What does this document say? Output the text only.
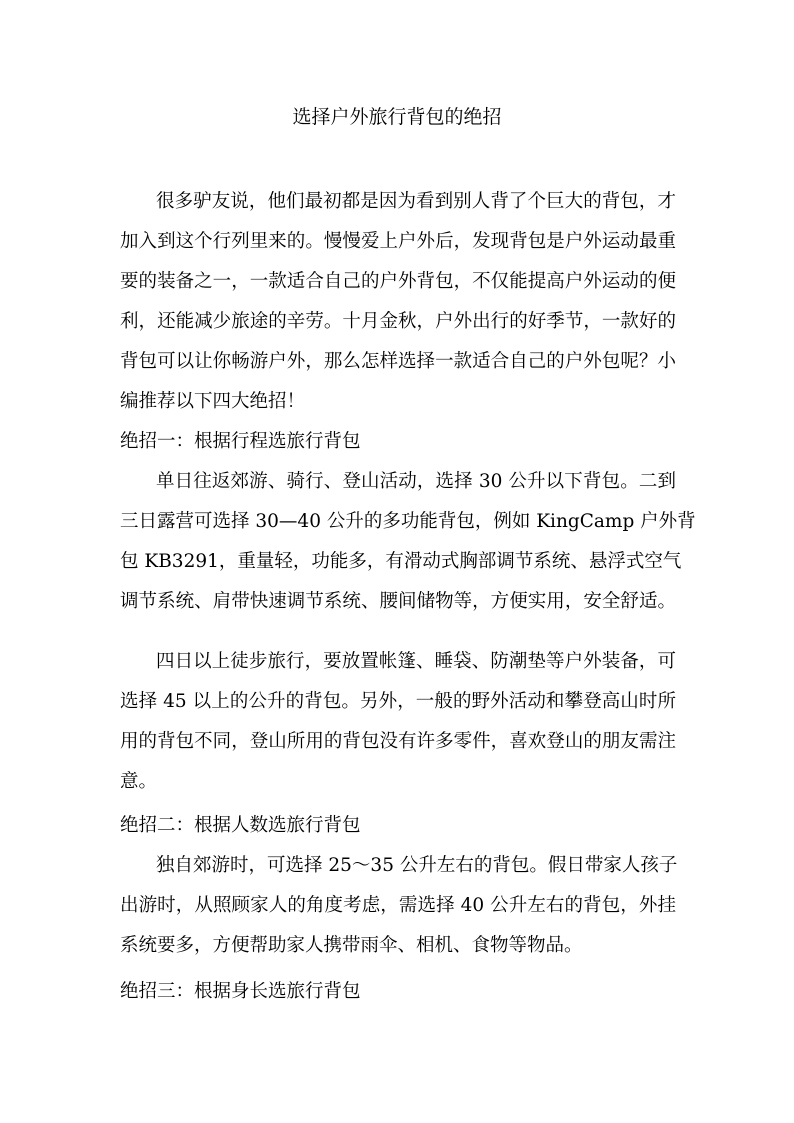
选择户外旅行背包的绝招
很多驴友说，他们最初都是因为看到别人背了个巨大的背包，才
加入到这个行列里来的。慢慢爱上户外后，发现背包是户外运动最重
要的装备之一，一款适合自己的户外背包，不仅能提高户外运动的便
利，还能减少旅途的辛劳。十月金秋，户外出行的好季节，一款好的
背包可以让你畅游户外，那么怎样选择一款适合自己的户外包呢？小
编推荐以下四大绝招！
绝招一：根据行程选旅行背包
单日往返郊游、骑行、登山活动，选择 30 公升以下背包。二到
三日露营可选择 30—40 公升的多功能背包，例如 KingCamp 户外背
包 KB3291，重量轻，功能多，有滑动式胸部调节系统、悬浮式空气
调节系统、肩带快速调节系统、腰间储物等，方便实用，安全舒适。
四日以上徒步旅行，要放置帐篷、睡袋、防潮垫等户外装备，可
选择 45 以上的公升的背包。另外，一般的野外活动和攀登高山时所
用的背包不同，登山所用的背包没有许多零件，喜欢登山的朋友需注
意。
绝招二：根据人数选旅行背包
独自郊游时，可选择 25～35 公升左右的背包。假日带家人孩子
出游时，从照顾家人的角度考虑，需选择 40 公升左右的背包，外挂
系统要多，方便帮助家人携带雨伞、相机、食物等物品。
绝招三：根据身长选旅行背包
